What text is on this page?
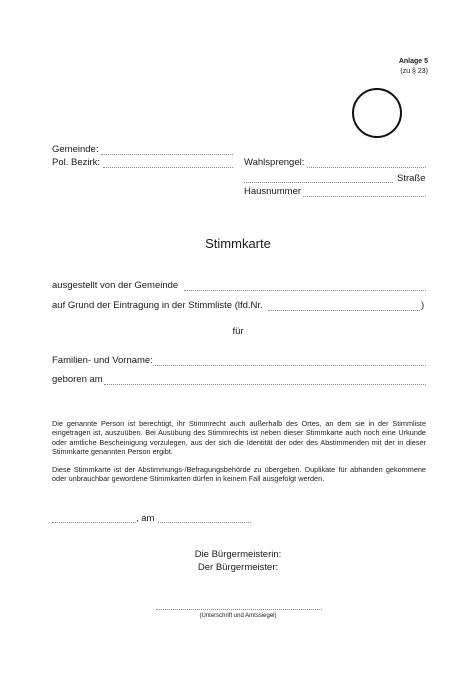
Anlage 5
(zu § 23)
Gemeinde:
Pol. Bezirk:	Wahlsprengel:
Straße
Hausnummer
Stimmkarte
ausgestellt von der Gemeinde
auf Grund der Eintragung in der Stimmliste (lfd.Nr.	)
für
Familien- und Vorname:
geboren am
Die genannte Person ist berechtigt, ihr Stimmrecht auch außerhalb des Ortes, an dem sie in der Stimmliste eingetragen ist, auszuüben. Bei Ausübung des Stimmrechts ist neben dieser Stimmkarte auch noch eine Urkunde oder amtliche Bescheinigung vorzulegen, aus der sich die Identität der oder des Abstimmenden mit der in dieser Stimmkarte genannten Person ergibt.
Diese Stimmkarte ist der Abstimmungs-/Befragungsbehörde zu übergeben. Duplikate für abhanden gekommene oder unbrauchbar gewordene Stimmkarten dürfen in keinem Fall ausgefolgt werden.
, am
Die Bürgermeisterin:
Der Bürgermeister:
(Unterschrift und Amtssiegel)
